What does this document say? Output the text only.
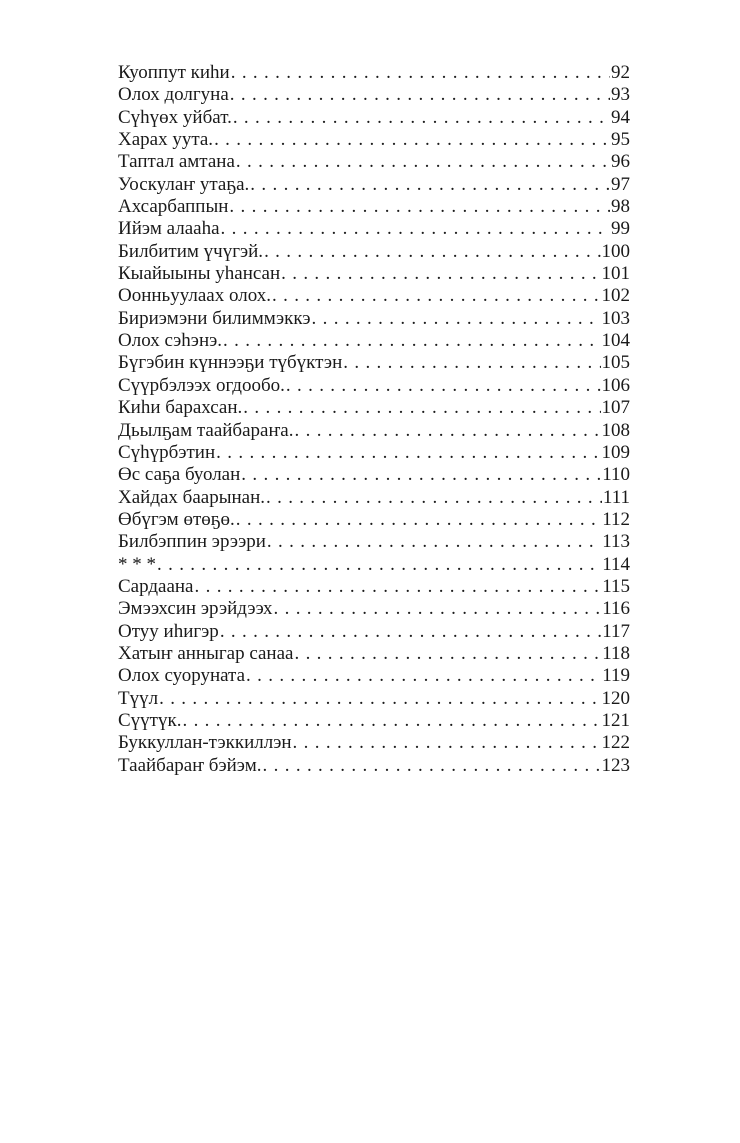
Куоппут киһи . . .	92
Олох долгуна . . .	93
Сүһүөх уйбат. . . .	94
Харах уута. . . .	95
Таптал амтана . . .	96
Уоскулаҥ утаҕа. . . .	97
Ахсарбаппын . . .	98
Ийэм алааһа . . .	99
Билбитим үчүгэй. . . .	100
Кыайыыны уһансан . . .	101
Оонньуулаах олох. . . .	102
Бириэмэни билиммэккэ . . .	103
Олох сэһэнэ. . . .	104
Бүгэбин күннээҕи түбүктэн . . .	105
Сүүрбэлээх огдообо. . . .	106
Киһи барахсан. . . .	107
Дьылҕам таайбараҥа. . . .	108
Сүһүрбэтин . . .	109
Өс саҕа буолан . . .	110
Хайдах баарынан. . . .	111
Өбүгэм өтөҕө. . . .	112
Билбэппин эрээри . . .	113
* * * . . .	114
Сардаана . . .	115
Эмээхсин эрэйдээх . . .	116
Отуу иһигэр . . .	117
Хатыҥ анныгар санаа . . .	118
Олох суоруната . . .	119
Түүл . . .	120
Сүүтүк. . . .	121
Буккуллан-тэккиллэн . . .	122
Таайбараҥ бэйэм. . . .	123
